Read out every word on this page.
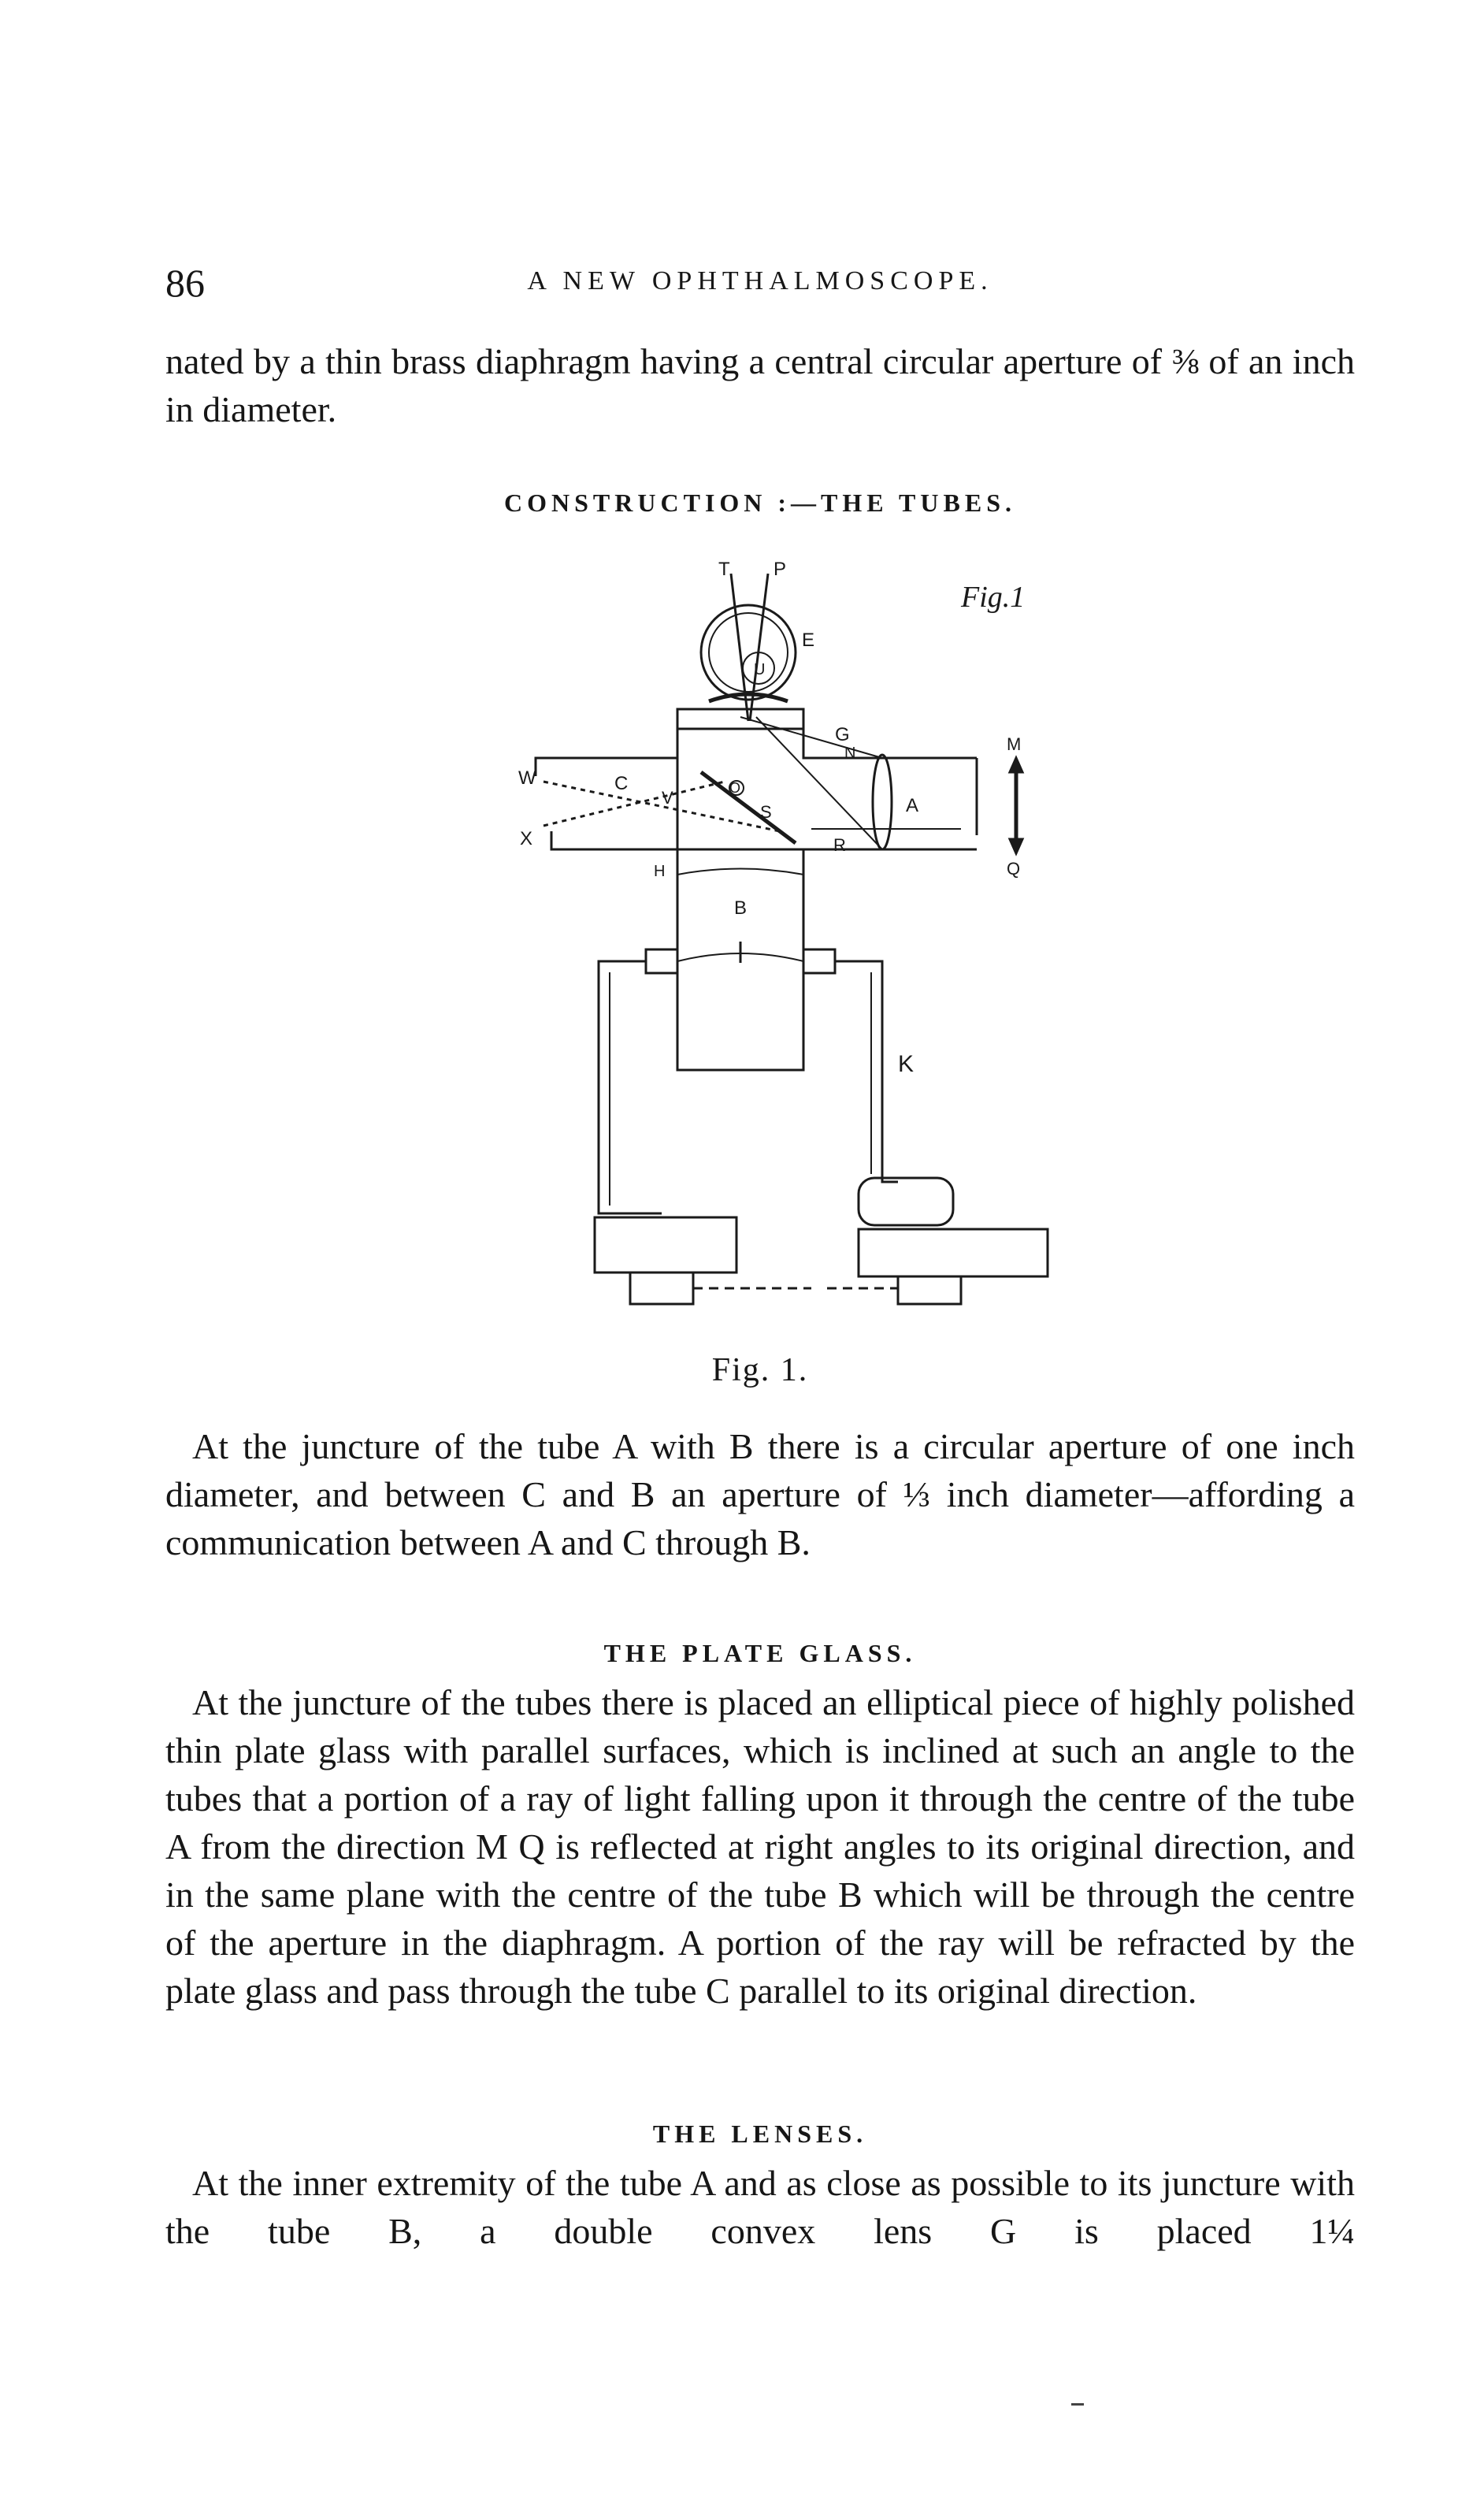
86	A NEW OPHTHALMOSCOPE.

nated by a thin brass diaphragm having a central circular aperture of ⅜ of an inch in diameter.

CONSTRUCTION :—THE TUBES.
T P
U
E
G
N	M
W	C
V	O
S	A
X	R
Q
H
B
K
Fig.1
Fig. 1.

At the juncture of the tube A with B there is a circular aperture of one inch diameter, and between C and B an aperture of ⅓ inch diameter—affording a communication between A and C through B.

THE PLATE GLASS.

At the juncture of the tubes there is placed an elliptical piece of highly polished thin plate glass with parallel surfaces, which is inclined at such an angle to the tubes that a portion of a ray of light falling upon it through the centre of the tube A from the direction M Q is reflected at right angles to its original direction, and in the same plane with the centre of the tube B which will be through the centre of the aperture in the diaphragm. A portion of the ray will be refracted by the plate glass and pass through the tube C parallel to its original direction.

THE LENSES.

At the inner extremity of the tube A and as close as possible to its juncture with the tube B, a double convex lens G is placed 1¼
